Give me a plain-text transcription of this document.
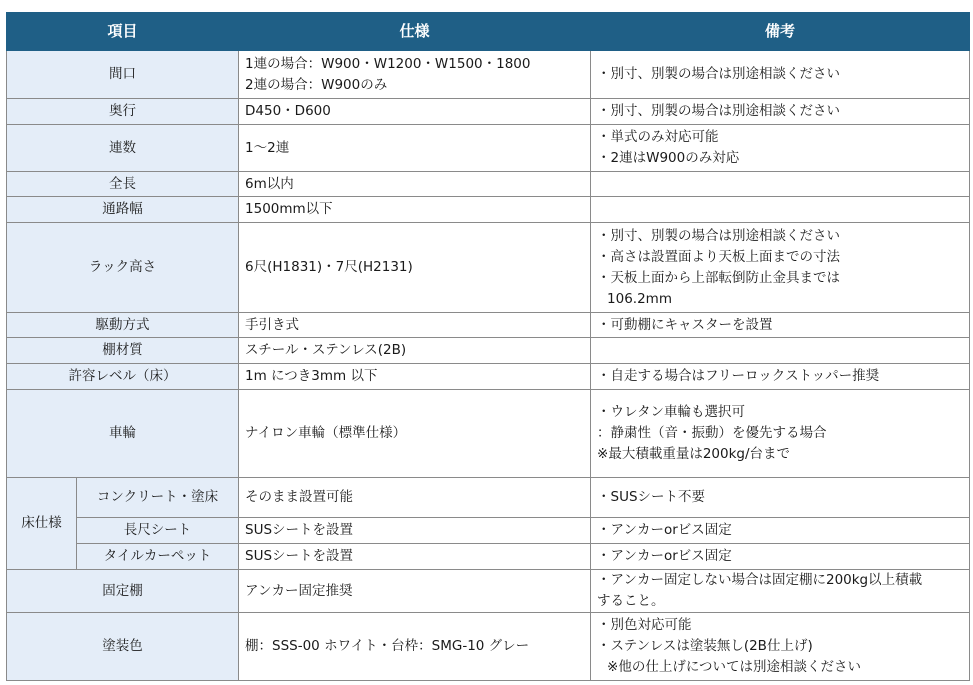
項目		仕様	備考
間口		1連の場合：W900・W1200・W1500・1800
2連の場合：W900のみ	・別寸、別製の場合は別途相談ください

奥行		D450・D600	・別寸、別製の場合は別途相談ください

連数		1〜2連	・単式のみ対応可能
・2連はW900のみ対応

全長		6m以内	

通路幅		1500mm以下	

ラック高さ		6尺(H1831)・7尺(H2131)	・別寸、別製の場合は別途相談ください
・高さは設置面より天板上面までの寸法
・天板上面から上部転倒防止金具までは
106.2mm

駆動方式		手引き式	・可動棚にキャスターを設置

棚材質		スチール・ステンレス(2B)	

許容レベル（床）		1m につき3mm 以下	・自走する場合はフリーロックストッパー推奨

車輪		ナイロン車輪（標準仕様）	・ウレタン車輪も選択可
：静粛性（音・振動）を優先する場合
※最大積載重量は200kg/台まで

床仕様	コンクリート・塗床	そのまま設置可能	・SUSシート不要

	長尺シート	SUSシートを設置	・アンカーorビス固定

	タイルカーペット	SUSシートを設置	・アンカーorビス固定

固定棚		アンカー固定推奨	・アンカー固定しない場合は固定棚に200kg以上積載
すること。

塗装色		棚：SSS-00 ホワイト・台枠：SMG-10 グレー	・別色対応可能
・ステンレスは塗装無し(2B仕上げ)
※他の仕上げについては別途相談ください
